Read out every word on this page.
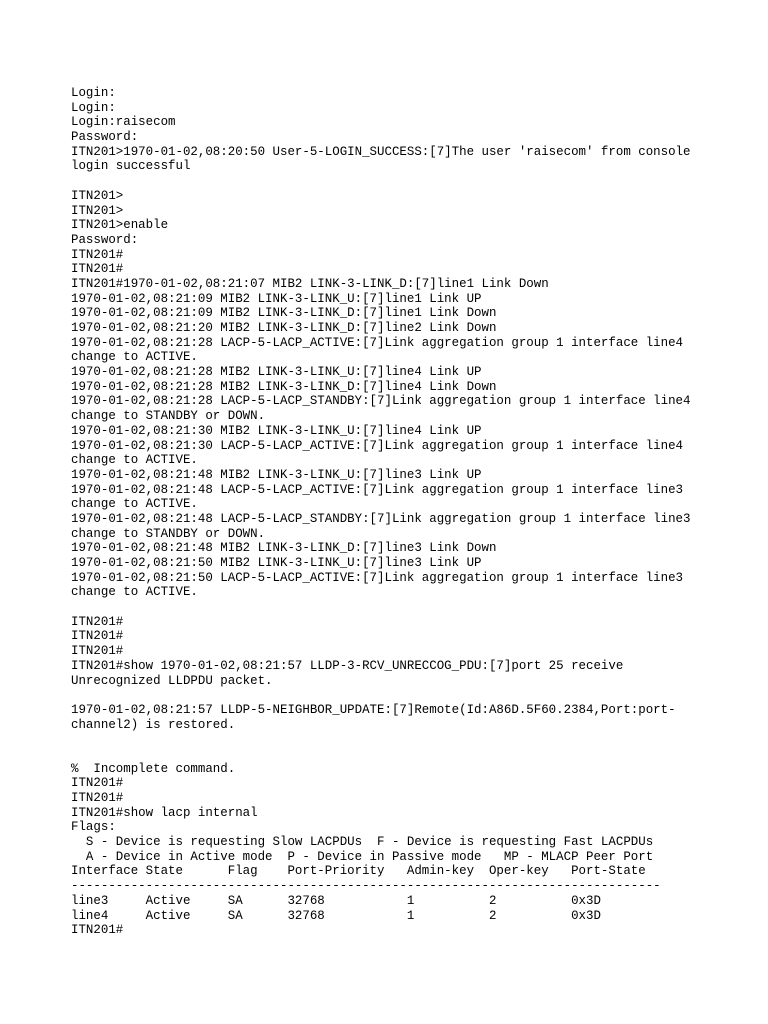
Login:
Login:
Login:raisecom
Password:
ITN201>1970-01-02,08:20:50 User-5-LOGIN_SUCCESS:[7]The user 'raisecom' from console
login successful
ITN201>
ITN201>
ITN201>enable
Password:
ITN201#
ITN201#
ITN201#1970-01-02,08:21:07 MIB2 LINK-3-LINK_D:[7]line1 Link Down
1970-01-02,08:21:09 MIB2 LINK-3-LINK_U:[7]line1 Link UP
1970-01-02,08:21:09 MIB2 LINK-3-LINK_D:[7]line1 Link Down
1970-01-02,08:21:20 MIB2 LINK-3-LINK_D:[7]line2 Link Down
1970-01-02,08:21:28 LACP-5-LACP_ACTIVE:[7]Link aggregation group 1 interface line4
change to ACTIVE.
1970-01-02,08:21:28 MIB2 LINK-3-LINK_U:[7]line4 Link UP
1970-01-02,08:21:28 MIB2 LINK-3-LINK_D:[7]line4 Link Down
1970-01-02,08:21:28 LACP-5-LACP_STANDBY:[7]Link aggregation group 1 interface line4
change to STANDBY or DOWN.
1970-01-02,08:21:30 MIB2 LINK-3-LINK_U:[7]line4 Link UP
1970-01-02,08:21:30 LACP-5-LACP_ACTIVE:[7]Link aggregation group 1 interface line4
change to ACTIVE.
1970-01-02,08:21:48 MIB2 LINK-3-LINK_U:[7]line3 Link UP
1970-01-02,08:21:48 LACP-5-LACP_ACTIVE:[7]Link aggregation group 1 interface line3
change to ACTIVE.
1970-01-02,08:21:48 LACP-5-LACP_STANDBY:[7]Link aggregation group 1 interface line3
change to STANDBY or DOWN.
1970-01-02,08:21:48 MIB2 LINK-3-LINK_D:[7]line3 Link Down
1970-01-02,08:21:50 MIB2 LINK-3-LINK_U:[7]line3 Link UP
1970-01-02,08:21:50 LACP-5-LACP_ACTIVE:[7]Link aggregation group 1 interface line3
change to ACTIVE.
ITN201#
ITN201#
ITN201#
ITN201#show 1970-01-02,08:21:57 LLDP-3-RCV_UNRECCOG_PDU:[7]port 25 receive
Unrecognized LLDPDU packet.
1970-01-02,08:21:57 LLDP-5-NEIGHBOR_UPDATE:[7]Remote(Id:A86D.5F60.2384,Port:port-
channel2) is restored.
%  Incomplete command.
ITN201#
ITN201#
ITN201#show lacp internal
Flags:
S - Device is requesting Slow LACPDUs  F - Device is requesting Fast LACPDUs
A - Device in Active mode  P - Device in Passive mode   MP - MLACP Peer Port
Interface State      Flag    Port-Priority   Admin-key  Oper-key   Port-State
-------------------------------------------------------------------------------
line3     Active     SA      32768           1          2          0x3D
line4     Active     SA      32768           1          2          0x3D
ITN201#
